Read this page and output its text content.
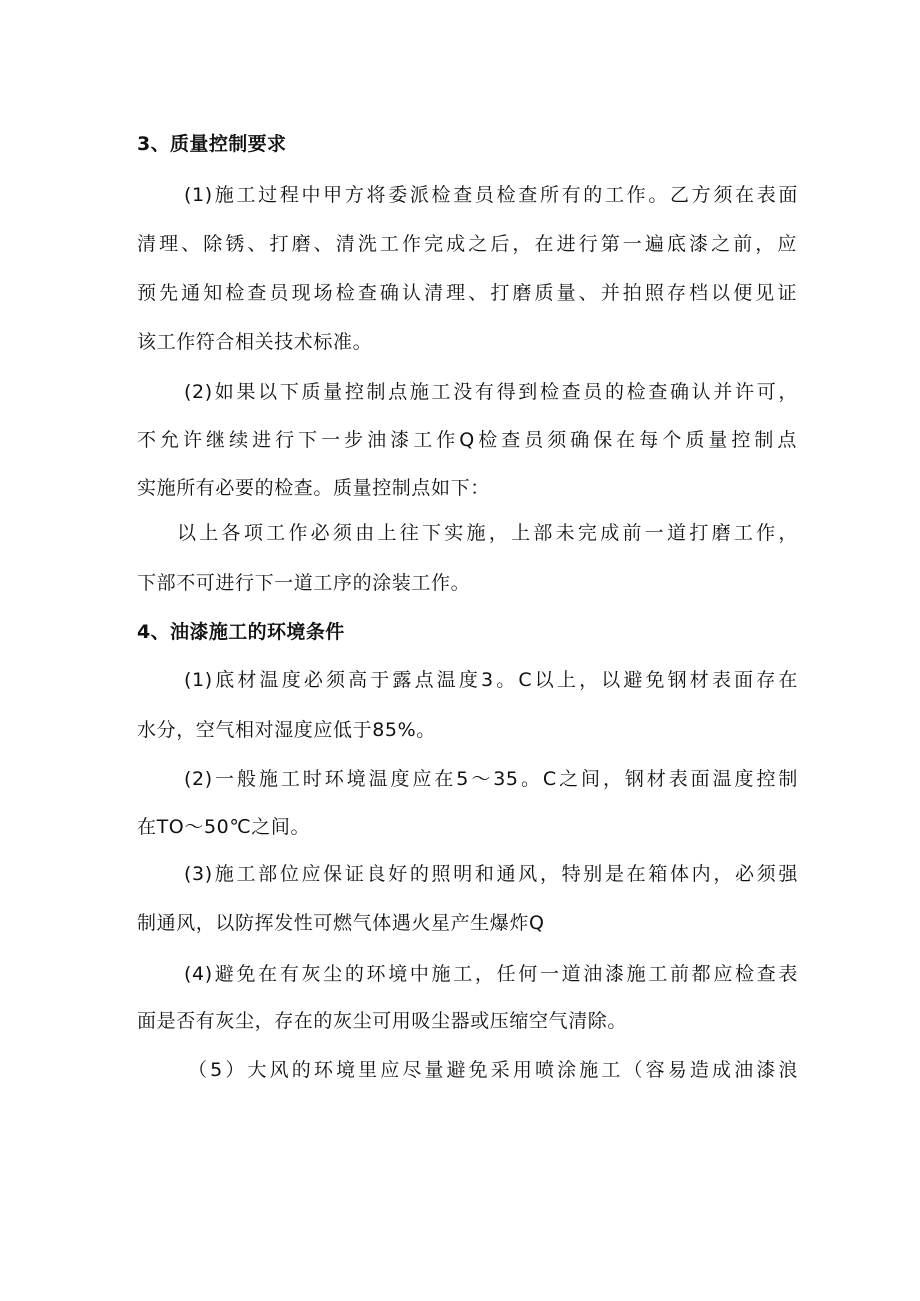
3、质量控制要求
(1)施工过程中甲方将委派检查员检查所有的工作。乙方须在表面
清理、除锈、打磨、清洗工作完成之后，在进行第一遍底漆之前，应
预先通知检查员现场检查确认清理、打磨质量、并拍照存档以便见证
该工作符合相关技术标准。
(2)如果以下质量控制点施工没有得到检查员的检查确认并许可，
不允许继续进行下一步油漆工作Q检查员须确保在每个质量控制点
实施所有必要的检查。质量控制点如下：
以上各项工作必须由上往下实施，上部未完成前一道打磨工作，
下部不可进行下一道工序的涂装工作。
4、油漆施工的环境条件
(1)底材温度必须高于露点温度3。C以上，以避免钢材表面存在
水分，空气相对湿度应低于85%。
(2)一般施工时环境温度应在5〜35。C之间，钢材表面温度控制
在TO〜50℃之间。
(3)施工部位应保证良好的照明和通风，特别是在箱体内，必须强
制通风，以防挥发性可燃气体遇火星产生爆炸Q
(4)避免在有灰尘的环境中施工，任何一道油漆施工前都应检查表
面是否有灰尘，存在的灰尘可用吸尘器或压缩空气清除。
（5）大风的环境里应尽量避免采用喷涂施工（容易造成油漆浪
